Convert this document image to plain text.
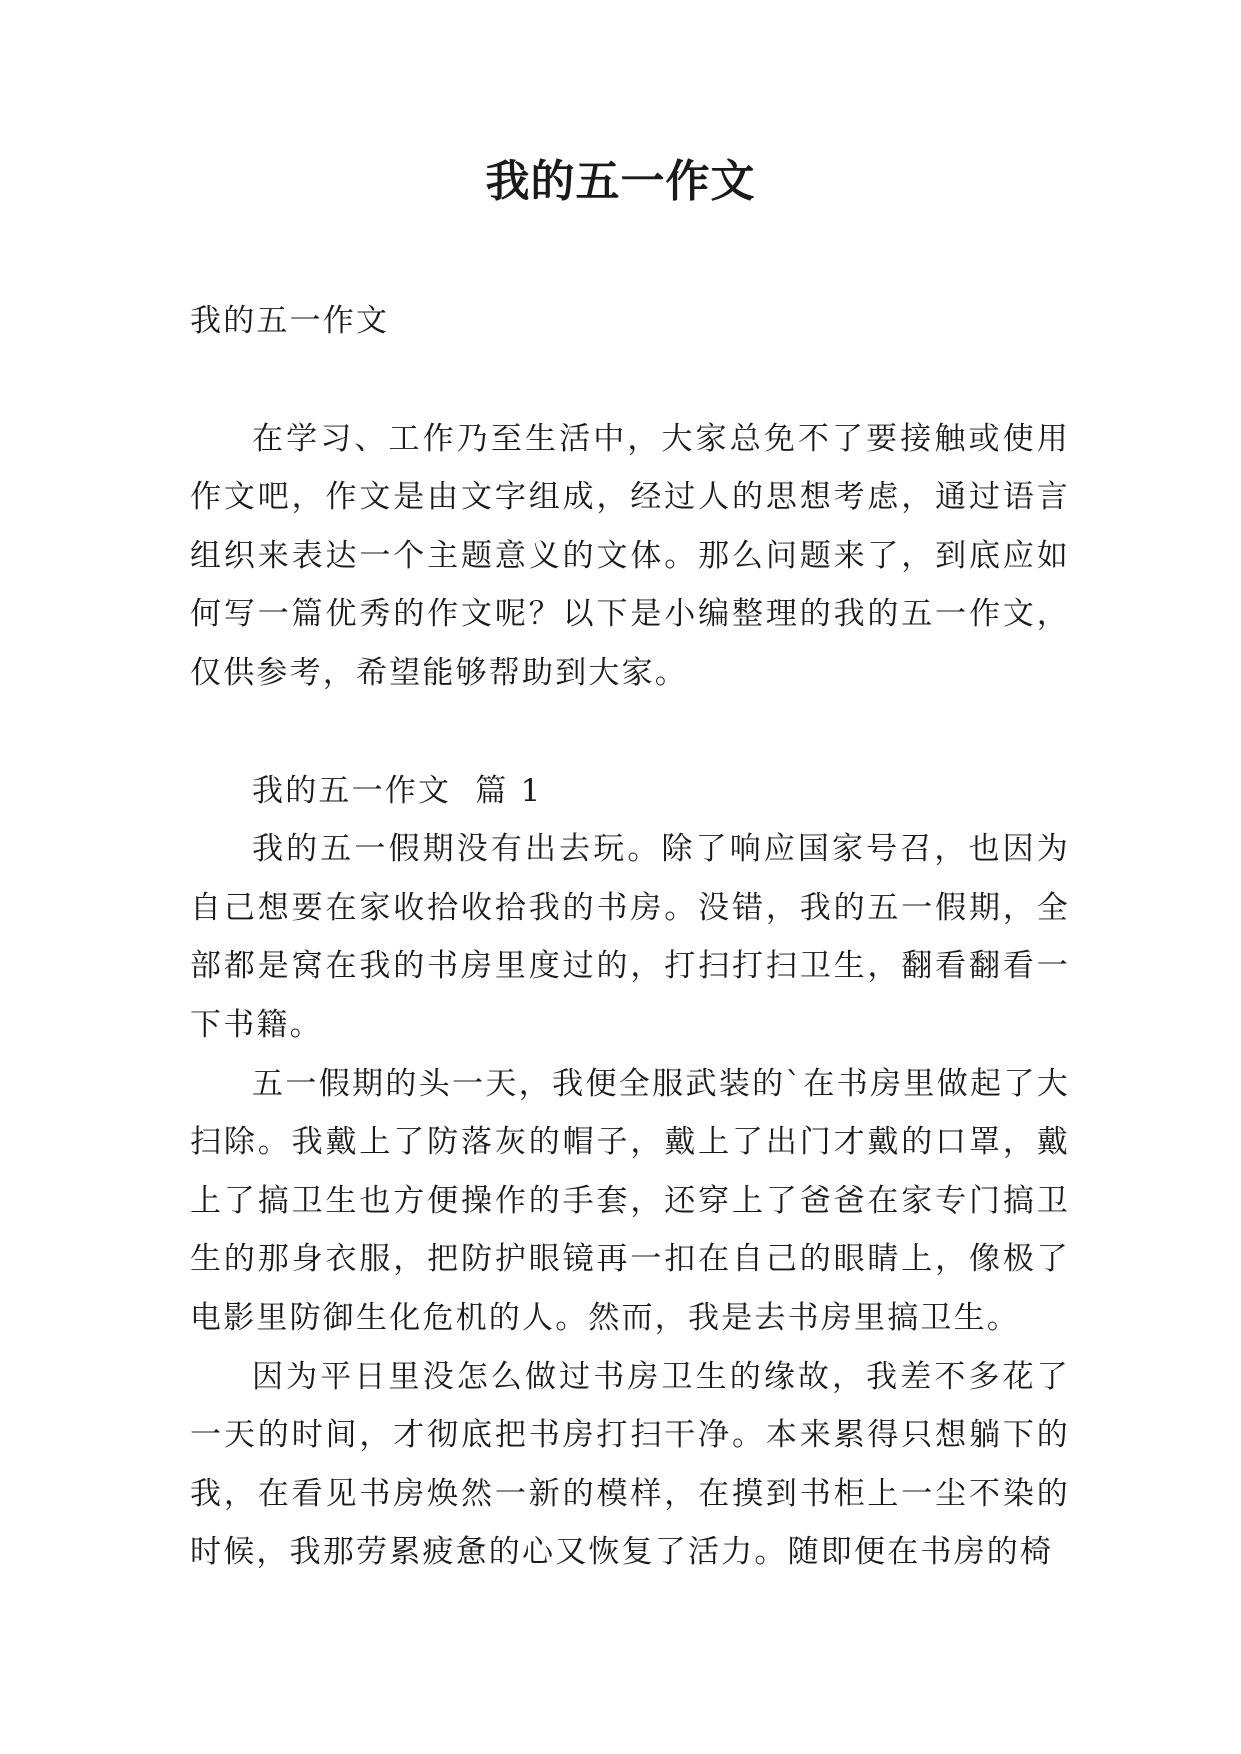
我的五一作文

我的五一作文

在学习、工作乃至生活中，大家总免不了要接触或使用作文吧，作文是由文字组成，经过人的思想考虑，通过语言组织来表达一个主题意义的文体。那么问题来了，到底应如何写一篇优秀的作文呢？以下是小编整理的我的五一作文，仅供参考，希望能够帮助到大家。

我的五一作文  篇 1

我的五一假期没有出去玩。除了响应国家号召，也因为自己想要在家收拾收拾我的书房。没错，我的五一假期，全部都是窝在我的书房里度过的，打扫打扫卫生，翻看翻看一下书籍。

五一假期的头一天，我便全服武装的`在书房里做起了大扫除。我戴上了防落灰的帽子，戴上了出门才戴的口罩，戴上了搞卫生也方便操作的手套，还穿上了爸爸在家专门搞卫生的那身衣服，把防护眼镜再一扣在自己的眼睛上，像极了电影里防御生化危机的人。然而，我是去书房里搞卫生。

因为平日里没怎么做过书房卫生的缘故，我差不多花了一天的时间，才彻底把书房打扫干净。本来累得只想躺下的我，在看见书房焕然一新的模样，在摸到书柜上一尘不染的时候，我那劳累疲惫的心又恢复了活力。随即便在书房的椅
